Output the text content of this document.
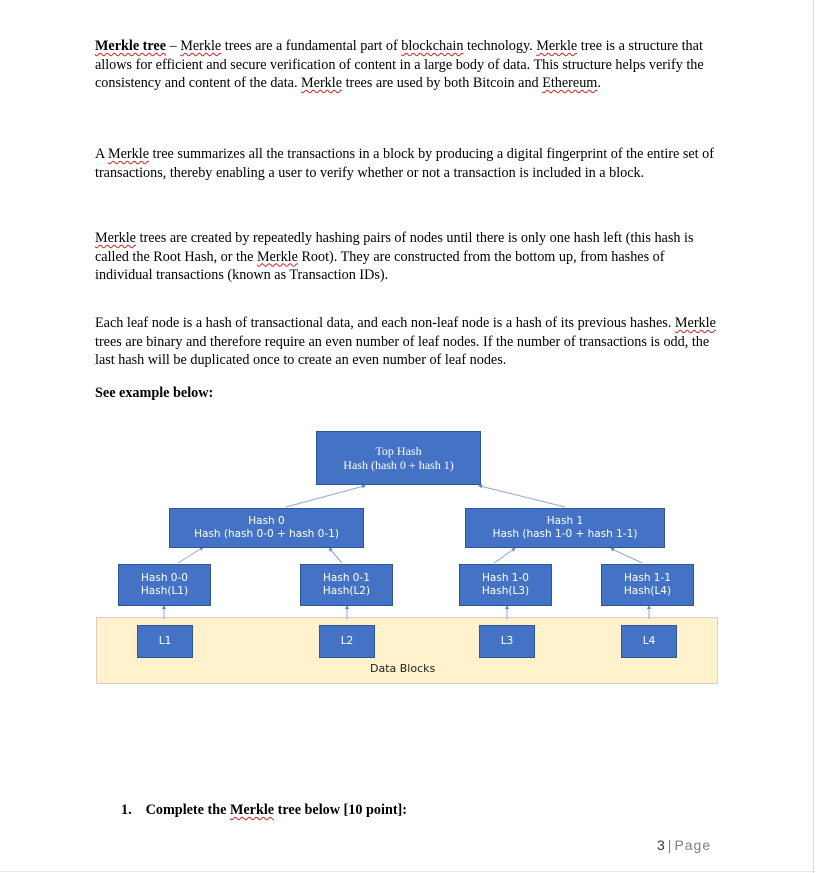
Merkle tree – Merkle trees are a fundamental part of blockchain technology. Merkle tree is a structure that allows for efficient and secure verification of content in a large body of data. This structure helps verify the consistency and content of the data. Merkle trees are used by both Bitcoin and Ethereum.

A Merkle tree summarizes all the transactions in a block by producing a digital fingerprint of the entire set of transactions, thereby enabling a user to verify whether or not a transaction is included in a block.

Merkle trees are created by repeatedly hashing pairs of nodes until there is only one hash left (this hash is called the Root Hash, or the Merkle Root). They are constructed from the bottom up, from hashes of individual transactions (known as Transaction IDs).

Each leaf node is a hash of transactional data, and each non-leaf node is a hash of its previous hashes. Merkle trees are binary and therefore require an even number of leaf nodes. If the number of transactions is odd, the last hash will be duplicated once to create an even number of leaf nodes.

See example below:

Data Blocks
Top Hash
Hash (hash 0 + hash 1)
Hash 0
Hash (hash 0-0 + hash 0-1)
Hash 1
Hash (hash 1-0 + hash 1-1)
Hash 0-0
Hash(L1)
Hash 0-1
Hash(L2)
Hash 1-0
Hash(L3)
Hash 1-1
Hash(L4)
L1	L2	L3	L4

1. Complete the Merkle tree below [10 point]:

3 | Page
